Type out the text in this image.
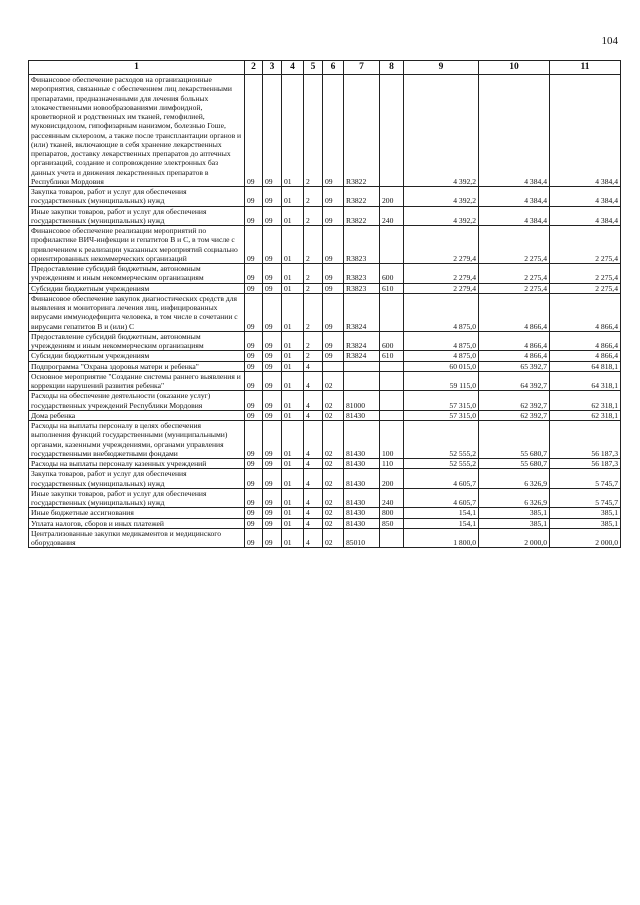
104
1	2	3	4	5	6	7	8	9	10	11
Финансовое обеспечение расходов на организационные мероприятия, связанные с обеспечением лиц лекарственными препаратами, предназначенными для лечения больных злокачественными новообразованиями лимфоидной, кроветворной и родственных им тканей, гемофилией, муковисцидозом, гипофизарным нанизмом, болезнью Гоше, рассеянным склерозом, а также после трансплантации органов и (или) тканей, включающие в себя хранение лекарственных препаратов, доставку лекарственных препаратов до аптечных организаций, создание и сопровождение электронных баз данных учета и движения лекарственных препаратов в Республики Мордовия	09	09	01	2	09	R3822		4 392,2	4 384,4	4 384,4
Закупка товаров, работ и услуг для обеспечения государственных (муниципальных) нужд	09	09	01	2	09	R3822	200	4 392,2	4 384,4	4 384,4
Иные закупки товаров, работ и услуг для обеспечения государственных (муниципальных) нужд	09	09	01	2	09	R3822	240	4 392,2	4 384,4	4 384,4
Финансовое обеспечение реализации мероприятий по профилактике ВИЧ-инфекции и гепатитов В и С, в том числе с привлечением к реализации указанных мероприятий социально ориентированных некоммерческих организаций	09	09	01	2	09	R3823		2 279,4	2 275,4	2 275,4
Предоставление субсидий бюджетным, автономным учреждениям и иным некоммерческим организациям	09	09	01	2	09	R3823	600	2 279,4	2 275,4	2 275,4
Субсидии бюджетным учреждениям	09	09	01	2	09	R3823	610	2 279,4	2 275,4	2 275,4
Финансовое обеспечение закупок диагностических средств для выявления и мониторинга лечения лиц, инфицированных вирусами иммунодефицита человека, в том числе в сочетании с вирусами гепатитов В и (или) С	09	09	01	2	09	R3824		4 875,0	4 866,4	4 866,4
Предоставление субсидий бюджетным, автономным учреждениям и иным некоммерческим организациям	09	09	01	2	09	R3824	600	4 875,0	4 866,4	4 866,4
Субсидии бюджетным учреждениям	09	09	01	2	09	R3824	610	4 875,0	4 866,4	4 866,4
Подпрограмма "Охрана здоровья матери и ребенка"	09	09	01	4				60 015,0	65 392,7	64 818,1
Основное мероприятие "Создание системы раннего выявления и коррекции нарушений развития ребенка"	09	09	01	4	02			59 115,0	64 392,7	64 318,1
Расходы на обеспечение деятельности (оказание услуг) государственных учреждений Республики Мордовия	09	09	01	4	02	81000		57 315,0	62 392,7	62 318,1
Дома ребенка	09	09	01	4	02	81430		57 315,0	62 392,7	62 318,1
Расходы на выплаты персоналу в целях обеспечения выполнения функций государственными (муниципальными) органами, казенными учреждениями, органами управления государственными внебюджетными фондами	09	09	01	4	02	81430	100	52 555,2	55 680,7	56 187,3
Расходы на выплаты персоналу казенных учреждений	09	09	01	4	02	81430	110	52 555,2	55 680,7	56 187,3
Закупка товаров, работ и услуг для обеспечения государственных (муниципальных) нужд	09	09	01	4	02	81430	200	4 605,7	6 326,9	5 745,7
Иные закупки товаров, работ и услуг для обеспечения государственных (муниципальных) нужд	09	09	01	4	02	81430	240	4 605,7	6 326,9	5 745,7
Иные бюджетные ассигнования	09	09	01	4	02	81430	800	154,1	385,1	385,1
Уплата налогов, сборов и иных платежей	09	09	01	4	02	81430	850	154,1	385,1	385,1
Централизованные закупки медикаментов и медицинского оборудования	09	09	01	4	02	85010		1 800,0	2 000,0	2 000,0
